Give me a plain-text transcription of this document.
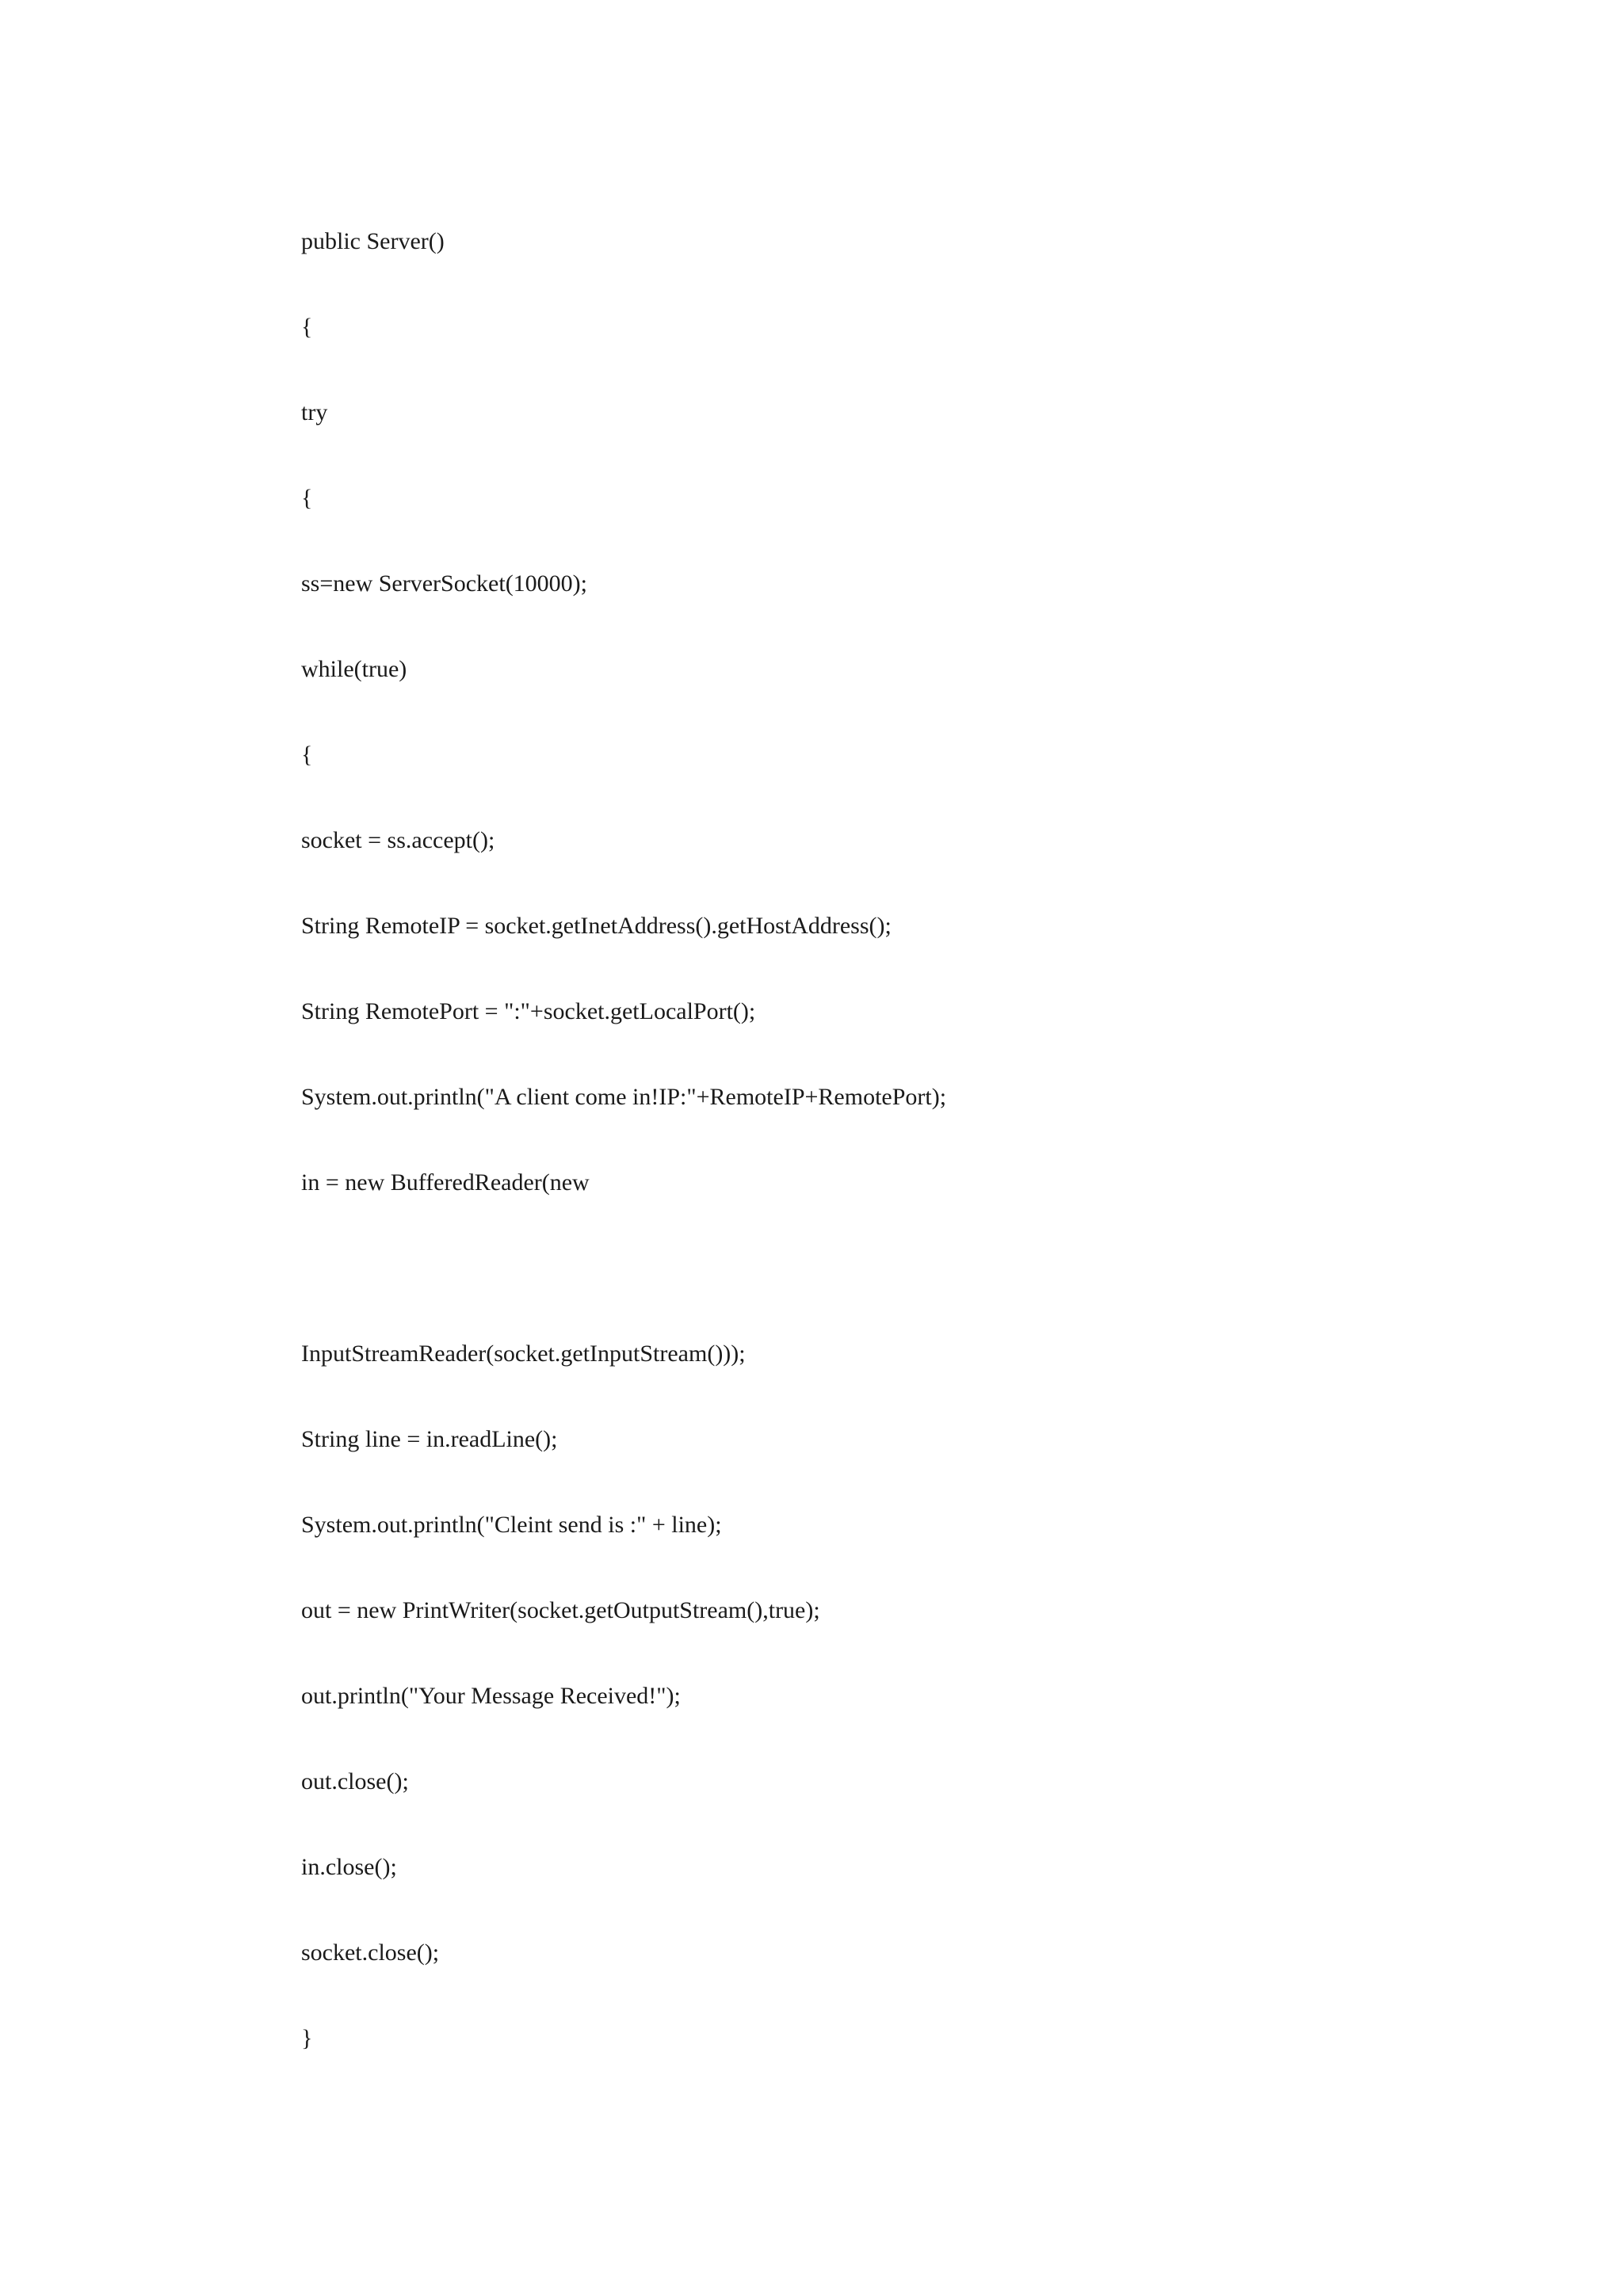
public Server()

{

try

{

ss=new ServerSocket(10000);

while(true)

{

socket = ss.accept();

String RemoteIP = socket.getInetAddress().getHostAddress();

String RemotePort = ":"+socket.getLocalPort();

System.out.println("A client come in!IP:"+RemoteIP+RemotePort);

in = new BufferedReader(new

InputStreamReader(socket.getInputStream()));

String line = in.readLine();

System.out.println("Cleint send is :" + line);

out = new PrintWriter(socket.getOutputStream(),true);

out.println("Your Message Received!");

out.close();

in.close();

socket.close();

}
